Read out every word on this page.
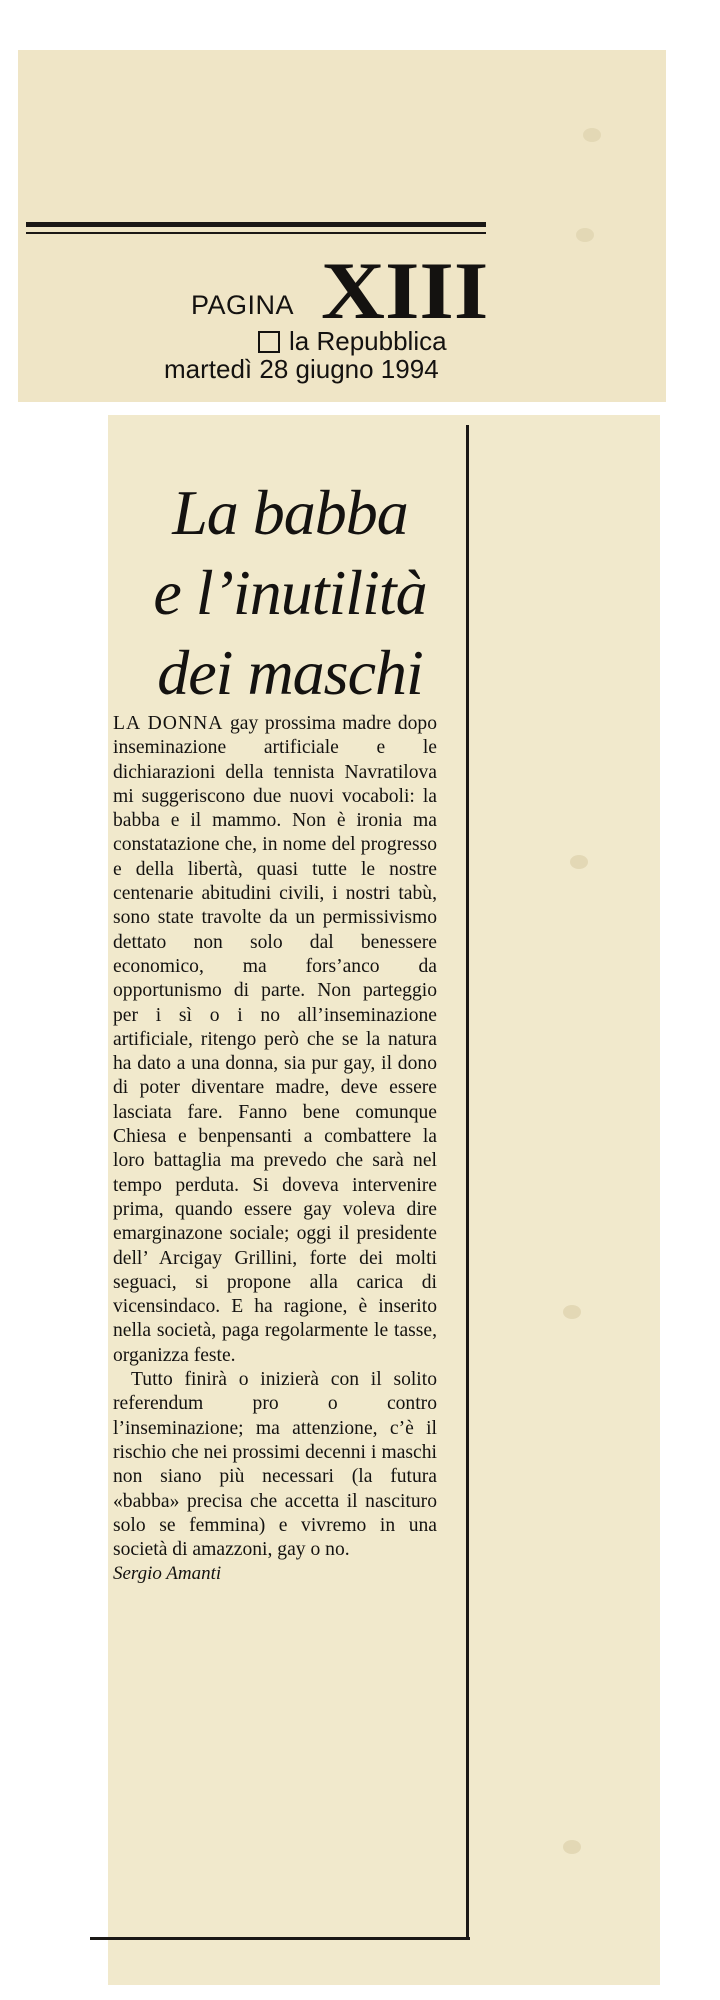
PAGINA XIII
la Repubblica
martedì 28 giugno 1994
La babba
e l’inutilità
dei maschi

LA DONNA gay prossima madre dopo inseminazione artificiale e le dichiarazioni della tennista Navratilova mi suggeriscono due nuovi vocaboli: la babba e il mammo. Non è ironia ma constatazione che, in nome del progresso e della libertà, quasi tutte le nostre centenarie abitudini civili, i nostri tabù, sono state travolte da un permissivismo dettato non solo dal benessere economico, ma fors’anco da opportunismo di parte. Non parteggio per i sì o i no all’inseminazione artificiale, ritengo però che se la natura ha dato a una donna, sia pur gay, il dono di poter diventare madre, deve essere lasciata fare. Fanno bene comunque Chiesa e benpensanti a combattere la loro battaglia ma prevedo che sarà nel tempo perduta. Si doveva intervenire prima, quando essere gay voleva dire emarginazone sociale; oggi il presidente dell’ Arcigay Grillini, forte dei molti seguaci, si propone alla carica di vicensindaco. E ha ragione, è inserito nella società, paga regolarmente le tasse, organizza feste.

Tutto finirà o inizierà con il solito referendum pro o contro l’inseminazione; ma attenzione, c’è il rischio che nei prossimi decenni i maschi non siano più necessari (la futura «babba» precisa che accetta il nascituro solo se femmina) e vivremo in una società di amazzoni, gay o no.

Sergio Amanti
